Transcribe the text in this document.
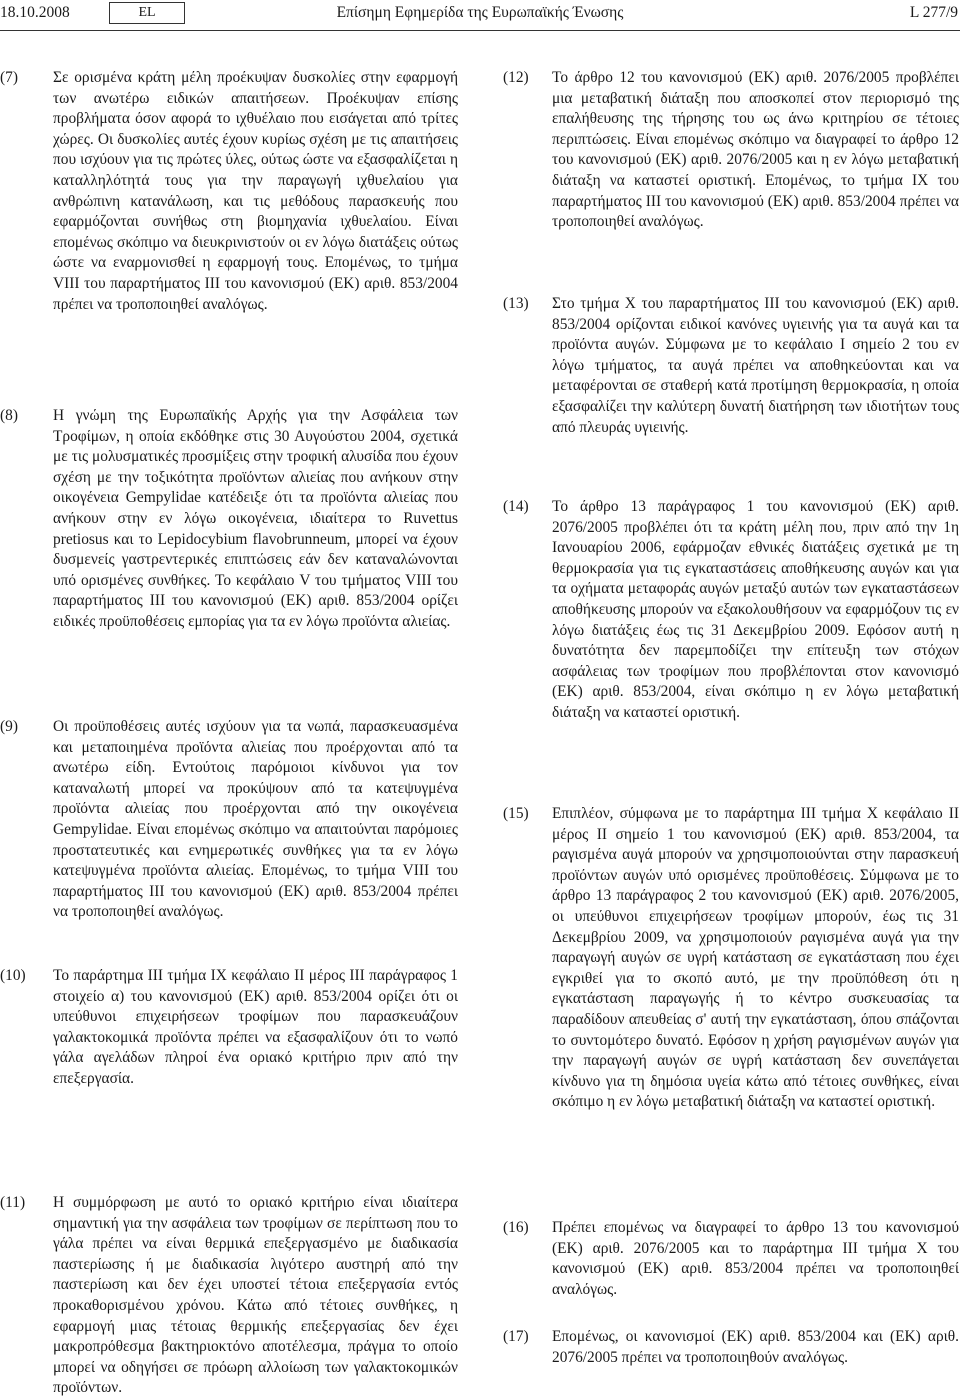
18.10.2008	EL	Επίσημη Εφημερίδα της Ευρωπαϊκής Ένωσης	L 277/9
(7) Σε ορισμένα κράτη μέλη προέκυψαν δυσκολίες στην εφαρμογή των ανωτέρω ειδικών απαιτήσεων. Προέκυψαν επίσης προβλήματα όσον αφορά το ιχθυέλαιο που εισάγεται από τρίτες χώρες. Οι δυσκολίες αυτές έχουν κυρίως σχέση με τις απαιτήσεις που ισχύουν για τις πρώτες ύλες, ούτως ώστε να εξασφαλίζεται η καταλληλότητά τους για την παραγωγή ιχθυελαίου για ανθρώπινη κατανάλωση, και τις μεθόδους παρασκευής που εφαρμόζονται συνήθως στη βιομηχανία ιχθυελαίου. Είναι επομένως σκόπιμο να διευκρινιστούν οι εν λόγω διατάξεις ούτως ώστε να εναρμονισθεί η εφαρμογή τους. Επομένως, το τμήμα VIII του παραρτήματος III του κανονισμού (ΕΚ) αριθ. 853/2004 πρέπει να τροποποιηθεί αναλόγως.
(8) Η γνώμη της Ευρωπαϊκής Αρχής για την Ασφάλεια των Τροφίμων, η οποία εκδόθηκε στις 30 Αυγούστου 2004, σχετικά με τις μολυσματικές προσμίξεις στην τροφική αλυσίδα που έχουν σχέση με την τοξικότητα προϊόντων αλιείας που ανήκουν στην οικογένεια Gempylidae κατέδειξε ότι τα προϊόντα αλιείας που ανήκουν στην εν λόγω οικογένεια, ιδιαίτερα το Ruvettus pretiosus και το Lepidocybium flavobrunneum, μπορεί να έχουν δυσμενείς γαστρεντερικές επιπτώσεις εάν δεν καταναλώνονται υπό ορισμένες συνθήκες. Το κεφάλαιο V του τμήματος VIII του παραρτήματος III του κανονισμού (ΕΚ) αριθ. 853/2004 ορίζει ειδικές προϋποθέσεις εμπορίας για τα εν λόγω προϊόντα αλιείας.
(9) Οι προϋποθέσεις αυτές ισχύουν για τα νωπά, παρασκευασμένα και μεταποιημένα προϊόντα αλιείας που προέρχονται από τα ανωτέρω είδη. Εντούτοις παρόμοιοι κίνδυνοι για τον καταναλωτή μπορεί να προκύψουν από τα κατεψυγμένα προϊόντα αλιείας που προέρχονται από την οικογένεια Gempylidae. Είναι επομένως σκόπιμο να απαιτούνται παρόμοιες προστατευτικές και ενημερωτικές συνθήκες για τα εν λόγω κατεψυγμένα προϊόντα αλιείας. Επομένως, το τμήμα VIII του παραρτήματος III του κανονισμού (ΕΚ) αριθ. 853/2004 πρέπει να τροποποιηθεί αναλόγως.
(10) Το παράρτημα III τμήμα IX κεφάλαιο II μέρος III παράγραφος 1 στοιχείο α) του κανονισμού (ΕΚ) αριθ. 853/2004 ορίζει ότι οι υπεύθυνοι επιχειρήσεων τροφίμων που παρασκευάζουν γαλακτοκομικά προϊόντα πρέπει να εξασφαλίζουν ότι το νωπό γάλα αγελάδων πληροί ένα οριακό κριτήριο πριν από την επεξεργασία.
(11) Η συμμόρφωση με αυτό το οριακό κριτήριο είναι ιδιαίτερα σημαντική για την ασφάλεια των τροφίμων σε περίπτωση που το γάλα πρέπει να είναι θερμικά επεξεργασμένο με διαδικασία παστερίωσης ή με διαδικασία λιγότερο αυστηρή από την παστερίωση και δεν έχει υποστεί τέτοια επεξεργασία εντός προκαθορισμένου χρόνου. Κάτω από τέτοιες συνθήκες, η εφαρμογή μιας τέτοιας θερμικής επεξεργασίας δεν έχει μακροπρόθεσμα βακτηριοκτόνο αποτέλεσμα, πράγμα το οποίο μπορεί να οδηγήσει σε πρόωρη αλλοίωση των γαλακτοκομικών προϊόντων.
(12) Το άρθρο 12 του κανονισμού (ΕΚ) αριθ. 2076/2005 προβλέπει μια μεταβατική διάταξη που αποσκοπεί στον περιορισμό της επαλήθευσης της τήρησης του ως άνω κριτηρίου σε τέτοιες περιπτώσεις. Είναι επομένως σκόπιμο να διαγραφεί το άρθρο 12 του κανονισμού (ΕΚ) αριθ. 2076/2005 και η εν λόγω μεταβατική διάταξη να καταστεί οριστική. Επομένως, το τμήμα IX του παραρτήματος III του κανονισμού (ΕΚ) αριθ. 853/2004 πρέπει να τροποποιηθεί αναλόγως.
(13) Στο τμήμα X του παραρτήματος III του κανονισμού (ΕΚ) αριθ. 853/2004 ορίζονται ειδικοί κανόνες υγιεινής για τα αυγά και τα προϊόντα αυγών. Σύμφωνα με το κεφάλαιο I σημείο 2 του εν λόγω τμήματος, τα αυγά πρέπει να αποθηκεύονται και να μεταφέρονται σε σταθερή κατά προτίμηση θερμοκρασία, η οποία εξασφαλίζει την καλύτερη δυνατή διατήρηση των ιδιοτήτων τους από πλευράς υγιεινής.
(14) Το άρθρο 13 παράγραφος 1 του κανονισμού (ΕΚ) αριθ. 2076/2005 προβλέπει ότι τα κράτη μέλη που, πριν από την 1η Ιανουαρίου 2006, εφάρμοζαν εθνικές διατάξεις σχετικά με τη θερμοκρασία για τις εγκαταστάσεις αποθήκευσης αυγών και για τα οχήματα μεταφοράς αυγών μεταξύ αυτών των εγκαταστάσεων αποθήκευσης μπορούν να εξακολουθήσουν να εφαρμόζουν τις εν λόγω διατάξεις έως τις 31 Δεκεμβρίου 2009. Εφόσον αυτή η δυνατότητα δεν παρεμποδίζει την επίτευξη των στόχων ασφάλειας των τροφίμων που προβλέπονται στον κανονισμό (ΕΚ) αριθ. 853/2004, είναι σκόπιμο η εν λόγω μεταβατική διάταξη να καταστεί οριστική.
(15) Επιπλέον, σύμφωνα με το παράρτημα III τμήμα X κεφάλαιο II μέρος II σημείο 1 του κανονισμού (ΕΚ) αριθ. 853/2004, τα ραγισμένα αυγά μπορούν να χρησιμοποιούνται στην παρασκευή προϊόντων αυγών υπό ορισμένες προϋποθέσεις. Σύμφωνα με το άρθρο 13 παράγραφος 2 του κανονισμού (ΕΚ) αριθ. 2076/2005, οι υπεύθυνοι επιχειρήσεων τροφίμων μπορούν, έως τις 31 Δεκεμβρίου 2009, να χρησιμοποιούν ραγισμένα αυγά για την παραγωγή αυγών σε υγρή κατάσταση σε εγκατάσταση που έχει εγκριθεί για το σκοπό αυτό, με την προϋπόθεση ότι η εγκατάσταση παραγωγής ή το κέντρο συσκευασίας τα παραδίδουν απευθείας σ' αυτή την εγκατάσταση, όπου σπάζονται το συντομότερο δυνατό. Εφόσον η χρήση ραγισμένων αυγών για την παραγωγή αυγών σε υγρή κατάσταση δεν συνεπάγεται κίνδυνο για τη δημόσια υγεία κάτω από τέτοιες συνθήκες, είναι σκόπιμο η εν λόγω μεταβατική διάταξη να καταστεί οριστική.
(16) Πρέπει επομένως να διαγραφεί το άρθρο 13 του κανονισμού (ΕΚ) αριθ. 2076/2005 και το παράρτημα III τμήμα X του κανονισμού (ΕΚ) αριθ. 853/2004 πρέπει να τροποποιηθεί αναλόγως.
(17) Επομένως, οι κανονισμοί (ΕΚ) αριθ. 853/2004 και (ΕΚ) αριθ. 2076/2005 πρέπει να τροποποιηθούν αναλόγως.
